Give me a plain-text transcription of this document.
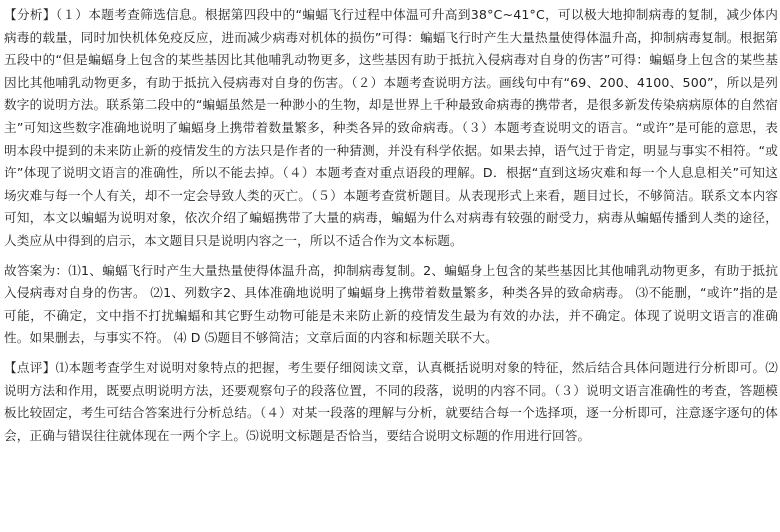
【分析】（１）本题考查筛选信息。根据第四段中的“蝙蝠飞行过程中体温可升高到38°C~41°C，可以极大地抑制病毒的复制，减少体内病毒的载量，同时加快机体免疫反应，进而减少病毒对机体的损伤”可得：蝙蝠飞行时产生大量热量使得体温升高，抑制病毒复制。根据第五段中的“但是蝙蝠身上包含的某些基因比其他哺乳动物更多，这些基因有助于抵抗入侵病毒对自身的伤害”可得：蝙蝠身上包含的某些基因比其他哺乳动物更多，有助于抵抗入侵病毒对自身的伤害。（２）本题考查说明方法。画线句中有“69、200、4100、500”，所以是列数字的说明方法。联系第二段中的“蝙蝠虽然是一种渺小的生物，却是世界上千种最致命病毒的携带者，是很多新发传染病病原体的自然宿主”可知这些数字准确地说明了蝙蝠身上携带着数量繁多，种类各异的致命病毒。（３）本题考查说明文的语言。“或许”是可能的意思，表明本段中提到的未来防止新的疫情发生的方法只是作者的一种猜测，并没有科学依据。如果去掉，语气过于肯定，明显与事实不相符。“或许”体现了说明文语言的准确性，所以不能去掉。（４）本题考查对重点语段的理解。D．根据“直到这场灾难和每一个人息息相关”可知这场灾难与每一个人有关，却不一定会导致人类的灭亡。（５）本题考查赏析题目。从表现形式上来看，题目过长，不够简洁。联系文本内容可知，本文以蝙蝠为说明对象，依次介绍了蝙蝠携带了大量的病毒，蝙蝠为什么对病毒有较强的耐受力，病毒从蝙蝠传播到人类的途径，人类应从中得到的启示，本文题目只是说明内容之一，所以不适合作为文本标题。

故答案为：⑴1、蝙蝠飞行时产生大量热量使得体温升高，抑制病毒复制。2、蝙蝠身上包含的某些基因比其他哺乳动物更多，有助于抵抗入侵病毒对自身的伤害。 ⑵1、列数字2、具体准确地说明了蝙蝠身上携带着数量繁多，种类各异的致命病毒。 ⑶不能删，“或许”指的是可能，不确定，文中指不打扰蝙蝠和其它野生动物可能是未来防止新的疫情发生最为有效的办法，并不确定。体现了说明文语言的准确性。如果删去，与事实不符。 ⑷ D ⑸题目不够简洁；文章后面的内容和标题关联不大。

【点评】⑴本题考查学生对说明对象特点的把握，考生要仔细阅读文章，认真概括说明对象的特征，然后结合具体问题进行分析即可。⑵说明方法和作用，既要点明说明方法，还要观察句子的段落位置，不同的段落，说明的内容不同。（３）说明文语言准确性的考查，答题模板比较固定，考生可结合答案进行分析总结。（４）对某一段落的理解与分析，就要结合每一个选择项，逐一分析即可，注意逐字逐句的体会，正确与错误往往就体现在一两个字上。⑸说明文标题是否恰当，要结合说明文标题的作用进行回答。
